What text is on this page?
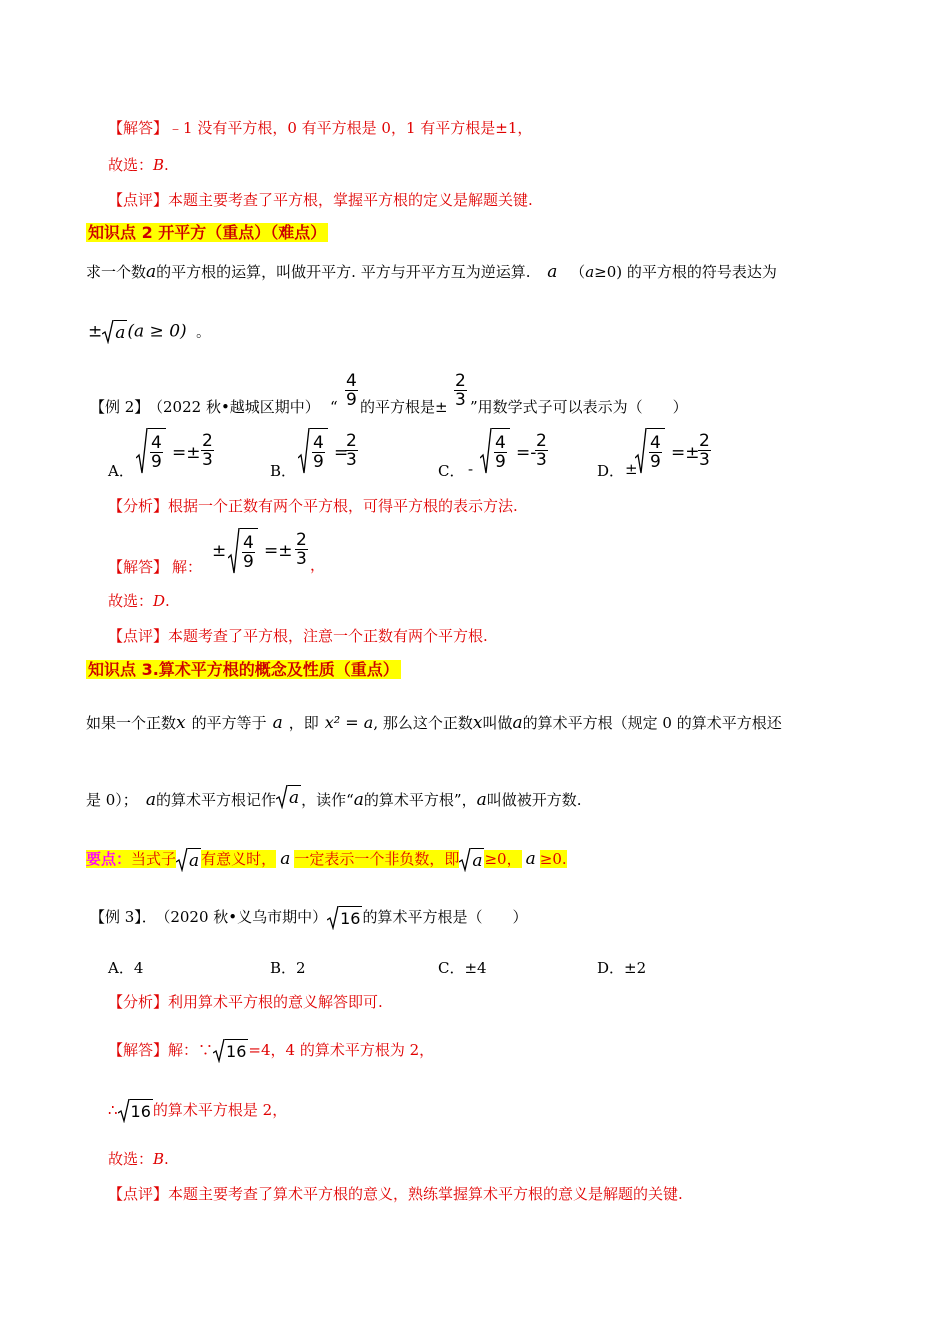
【解答】﹣1 没有平方根，0 有平方根是 0，1 有平方根是±1，
故选：B.
【点评】本题主要考查了平方根，掌握平方根的定义是解题关键.
知识点 2 开平方（重点）（难点）
求一个数a的平方根的运算，叫做开平方. 平方与开平方互为逆运算. a （a≥0) 的平方根的符号表达为
± a (a ≥ 0) 。
【例 2】
（2022 秋•越城区期中） “ $\frac{4}{9}$ 的平方根是± $\frac{2}{3}$ ”用数学式子可以表示为（　　）
A．
$\frac{4}{9} =\pm \frac{2}{3}$
B．
$\frac{4}{9}$ =
$\frac{2}{3}$
C． - $\frac{4}{9}$ =-
$\frac{2}{3}$
D． ± $\frac{4}{9}$ =±
$\frac{2}{3}$
【分析】根据一个正数有两个平方根，可得平方根的表示方法.
【解答】 解：
± $\frac{4}{9} =\pm \frac{2}{3}$ ，
故选：D.
【点评】本题考查了平方根，注意一个正数有两个平方根.
知识点 3.算术平方根的概念及性质（重点）
如果一个正数x 的平方等于 a ，即 x² = a, 那么这个正数x叫做a的算术平方根（规定 0 的算术平方根还
是 0）； a的算术平方根记作 a ，读作“a的算术平方根”，a叫做被开方数.
要点：当式子 a 有意义时， a 一定表示一个非负数，即 a ≥0， a ≥0.
【例 3】． （2020 秋•义乌市期中） 16 的算术平方根是（　　）
A．4	B．2	C．±4	D．±2
【分析】利用算术平方根的意义解答即可.
【解答】解：∵ 16 =4，4 的算术平方根为 2，
∴ 16 的算术平方根是 2，
故选：B.
【点评】本题主要考查了算术平方根的意义，熟练掌握算术平方根的意义是解题的关键.
